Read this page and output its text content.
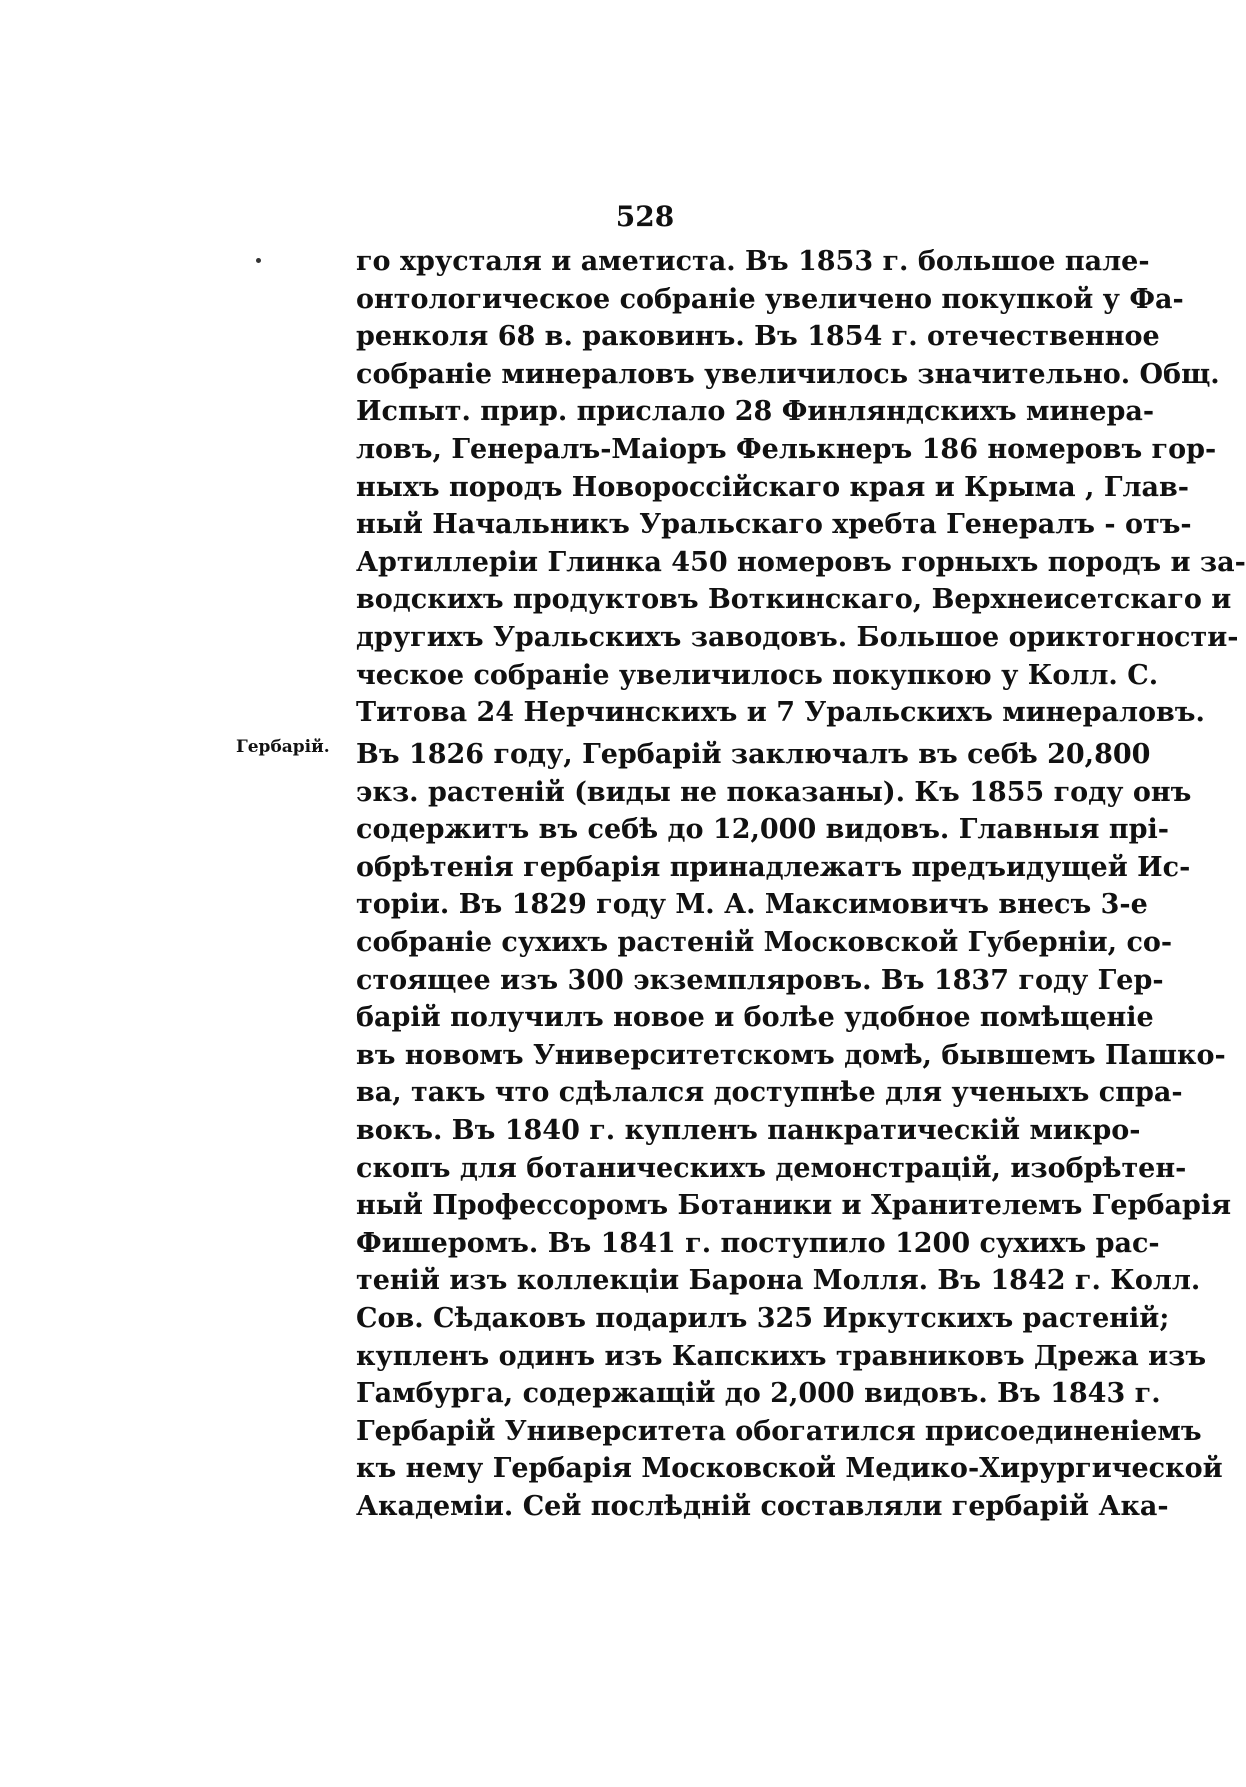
528
го хрусталя и аметиста. Въ 1853 г. большое пале-
онтологическое собраніе увеличено покупкой у Фа-
ренколя 68 в. раковинъ. Въ 1854 г. отечественное
собраніе минераловъ увеличилось значительно. Общ.
Испыт. прир. прислало 28 Финляндскихъ минера-
ловъ, Генералъ-Маіоръ Фелькнеръ 186 номеровъ гор-
ныхъ породъ Новороссійскаго края и Крыма , Глав-
ный Начальникъ Уральскаго хребта Генералъ - отъ-
Артиллеріи Глинка 450 номеровъ горныхъ породъ и за-
водскихъ продуктовъ Воткинскаго, Верхнеисетскаго и
другихъ Уральскихъ заводовъ. Большое ориктогности-
ческое собраніе увеличилось покупкою у Колл. С.
Титова 24 Нерчинскихъ и 7 Уральскихъ минераловъ.
Гербарій. Въ 1826 году, Гербарій заключалъ въ себѣ 20,800
экз. растеній (виды не показаны). Къ 1855 году онъ
содержитъ въ себѣ до 12,000 видовъ. Главныя прі-
обрѣтенія гербарія принадлежатъ предъидущей Ис-
торіи. Въ 1829 году М. А. Максимовичъ внесъ 3-е
собраніе сухихъ растеній Московской Губерніи, со-
стоящее изъ 300 экземпляровъ. Въ 1837 году Гер-
барій получилъ новое и болѣе удобное помѣщеніе
въ новомъ Университетскомъ домѣ, бывшемъ Пашко-
ва, такъ что сдѣлался доступнѣе для ученыхъ спра-
вокъ. Въ 1840 г. купленъ панкратическій микро-
скопъ для ботаническихъ демонстрацій, изобрѣтен-
ный Профессоромъ Ботаники и Хранителемъ Гербарія
Фишеромъ. Въ 1841 г. поступило 1200 сухихъ рас-
теній изъ коллекціи Барона Молля. Въ 1842 г. Колл.
Сов. Сѣдаковъ подарилъ 325 Иркутскихъ растеній;
купленъ одинъ изъ Капскихъ травниковъ Дрежа изъ
Гамбурга, содержащій до 2,000 видовъ. Въ 1843 г.
Гербарій Университета обогатился присоединеніемъ
къ нему Гербарія Московской Медико-Хирургической
Академіи. Сей послѣдній составляли гербарій Ака-
